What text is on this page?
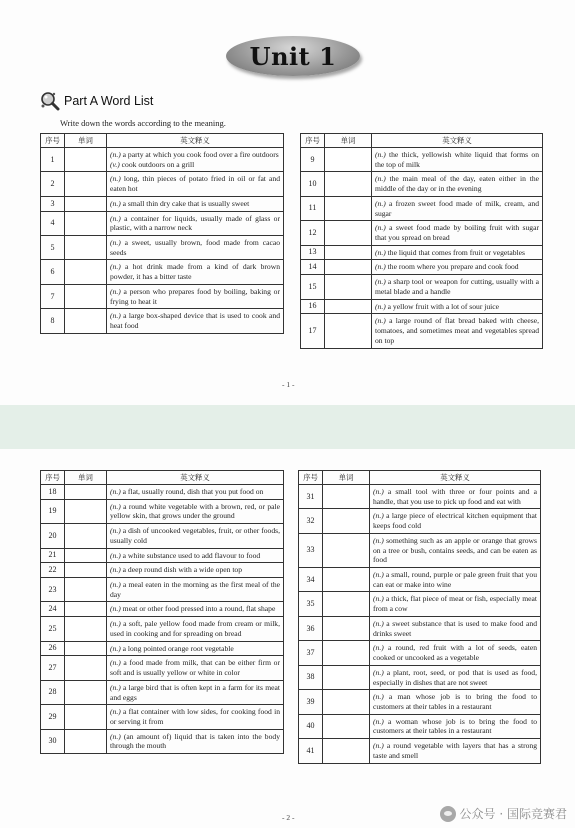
Unit 1
Part A Word List
Write down the words according to the meaning.
序号	单词	英文释义
1		(n.) a party at which you cook food over a fire outdoors
(v.) cook outdoors on a grill
2		(n.) long, thin pieces of potato fried in oil or fat and eaten hot
3		(n.) a small thin dry cake that is usually sweet
4		(n.) a container for liquids, usually made of glass or plastic, with a narrow neck
5		(n.) a sweet, usually brown, food made from cacao seeds
6		(n.) a hot drink made from a kind of dark brown powder, it has a bitter taste
7		(n.) a person who prepares food by boiling, baking or frying to heat it
8		(n.) a large box-shaped device that is used to cook and heat food
序号	单词	英文释义
9		(n.) the thick, yellowish white liquid that forms on the top of milk
10		(n.) the main meal of the day, eaten either in the middle of the day or in the evening
11		(n.) a frozen sweet food made of milk, cream, and sugar
12		(n.) a sweet food made by boiling fruit with sugar that you spread on bread
13		(n.) the liquid that comes from fruit or vegetables
14		(n.) the room where you prepare and cook food
15		(n.) a sharp tool or weapon for cutting, usually with a metal blade and a handle
16		(n.) a yellow fruit with a lot of sour juice
17		(n.) a large round of flat bread baked with cheese, tomatoes, and sometimes meat and vegetables spread on top
- 1 -
序号	单词	英文释义
18		(n.) a flat, usually round, dish that you put food on
19		(n.) a round white vegetable with a brown, red, or pale yellow skin, that grows under the ground
20		(n.) a dish of uncooked vegetables, fruit, or other foods, usually cold
21		(n.) a white substance used to add flavour to food
22		(n.) a deep round dish with a wide open top
23		(n.) a meal eaten in the morning as the first meal of the day
24		(n.) meat or other food pressed into a round, flat shape
25		(n.) a soft, pale yellow food made from cream or milk, used in cooking and for spreading on bread
26		(n.) a long pointed orange root vegetable
27		(n.) a food made from milk, that can be either firm or soft and is usually yellow or white in color
28		(n.) a large bird that is often kept in a farm for its meat and eggs
29		(n.) a flat container with low sides, for cooking food in or serving it from
30		(n.) (an amount of) liquid that is taken into the body through the mouth
序号	单词	英文释义
31		(n.) a small tool with three or four points and a handle, that you use to pick up food and eat with
32		(n.) a large piece of electrical kitchen equipment that keeps food cold
33		(n.) something such as an apple or orange that grows on a tree or bush, contains seeds, and can be eaten as food
34		(n.) a small, round, purple or pale green fruit that you can eat or make into wine
35		(n.) a thick, flat piece of meat or fish, especially meat from a cow
36		(n.) a sweet substance that is used to make food and drinks sweet
37		(n.) a round, red fruit with a lot of seeds, eaten cooked or uncooked as a vegetable
38		(n.) a plant, root, seed, or pod that is used as food, especially in dishes that are not sweet
39		(n.) a man whose job is to bring the food to customers at their tables in a restaurant
40		(n.) a woman whose job is to bring the food to customers at their tables in a restaurant
41		(n.) a round vegetable with layers that has a strong taste and smell
- 2 -	公众号 · 国际竞赛君
